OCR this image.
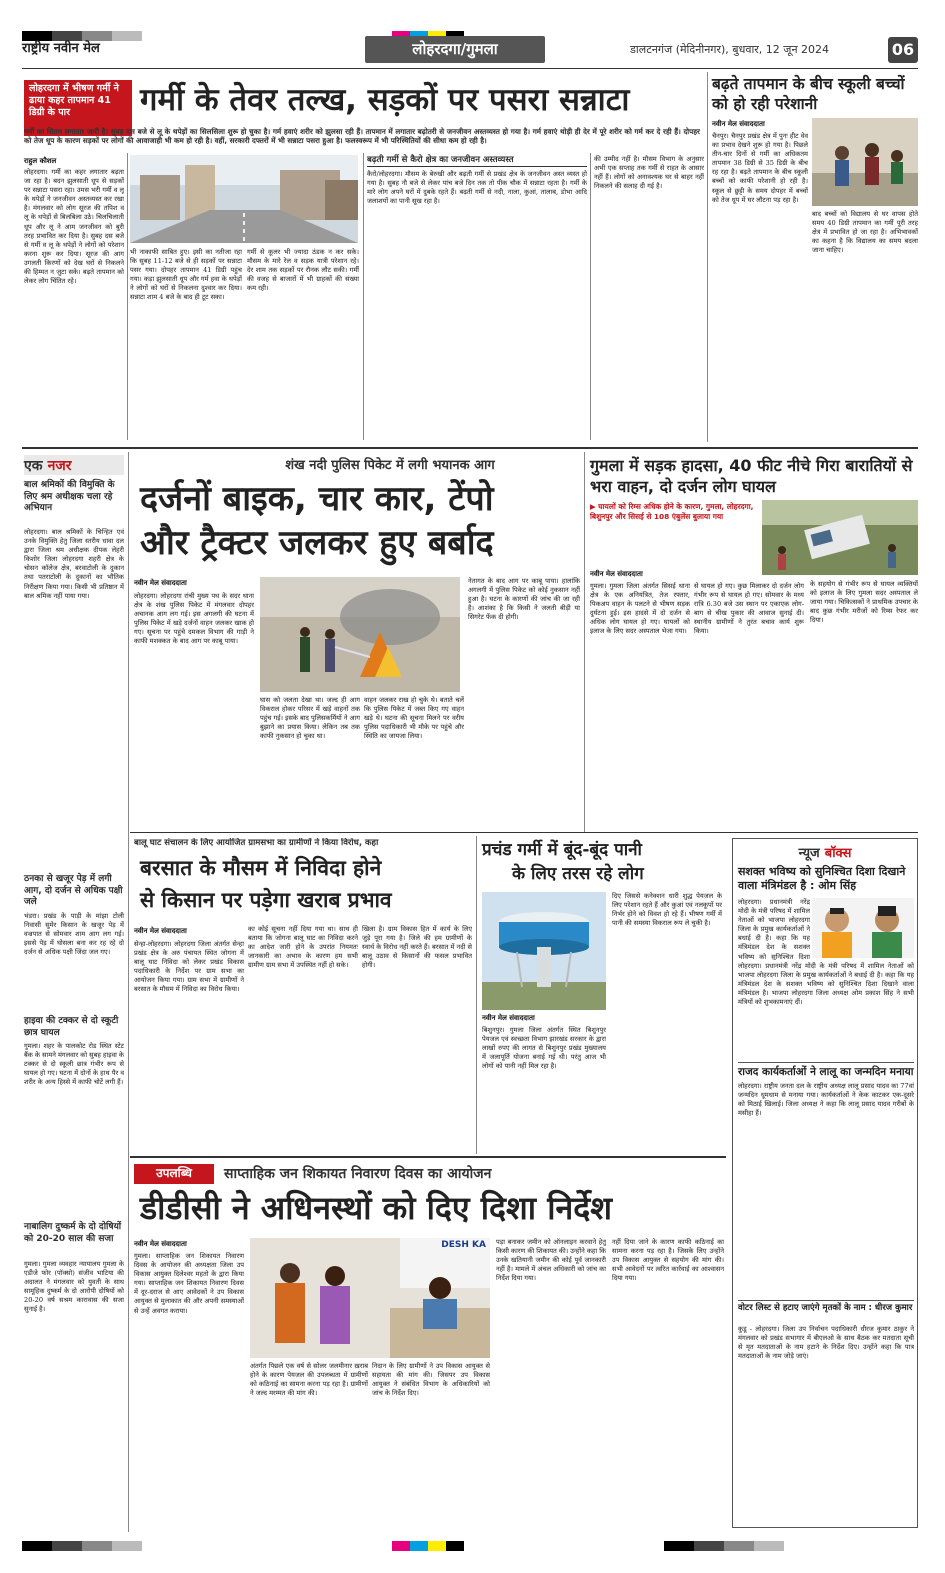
राष्ट्रीय नवीन मेल	लोहरदगा/गुमला	डालटनगंज (मेदिनीनगर), बुधवार, 12 जून 2024	06
लोहरदगा में भीषण गर्मी ने ढाया कहर तापमान 41 डिग्री के पार	गर्मी के तेवर तल्ख, सड़कों पर पसरा सन्नाटा
गर्मी का सितम लगातार जारी है। सुबह दस बजे से लू के थपेड़ों का सिलसिला शुरू हो चुका है। गर्म हवाएं शरीर को झुलसा रही हैं। तापमान में लगातार बढ़ोतरी से जनजीवन अस्तव्यस्त हो गया है। गर्म हवाएं थोड़ी ही देर में पूरे शरीर को गर्म कर दे रही हैं। दोपहर को तेज धूप के कारण सड़कों पर लोगों की आवाजाही भी कम हो रही है। वहीं, सरकारी दफ्तरों में भी सन्नाटा पसरा हुआ है। फलस्वरूप में भी परिस्थितियों की सीधा कम हो रही है।
राहुल कौशल
लोहरदगा। गर्मी का कहर लगातार बढ़ता जा रहा है। बदन झुलसाती धूप से सड़कों पर सन्नाटा पसरा रहा। उमस भरी गर्मी व लू के थपेड़ों ने जनजीवन अस्तव्यस्त कर रखा है। मंगलवार को लोग सूरज की तपिश व लू के थपेड़ों से बिलबिला उठे। चिलचिलाती धूप और लू ने आम जनजीवन को बुरी तरह प्रभावित कर दिया है। सुबह दस बजे से गर्मी व लू के थपेड़ों ने लोगों को परेशान करना शुरू कर दिया। सूरज की आग उगलती किरणों को देख घरों से निकलने की हिम्मत न जुटा सके। बढ़ते तापमान को लेकर लोग चिंतित रहे।
भी नाकाफी साबित हुए। इसी का नतीजा रहा कि सुबह 11-12 बजे से ही सड़कों पर सन्नाटा पसर गया। दोपहर तापमान 41 डिग्री पहुंच गया। कड़ा झुलसाती धूप और गर्म हवा के थपेड़ों ने लोगों को घरों से निकलना दुश्वार कर दिया। सन्नाटा शाम 4 बजे के बाद ही टूट सका।
गर्मी से कूलर भी ज्यादा ठंडक न कर सके। मौसम के मारे रेल व सड़क यात्री परेशान रहे। देर शाम तक सड़कों पर रौनक लौट सकी। गर्मी की वजह से बाजारों में भी ग्राहकों की संख्या कम रही।
बढ़ती गर्मी से कैरो क्षेत्र का जनजीवन अस्तव्यस्त
कैरो/लोहरदगा। मौसम के बेरुखी और बढ़ती गर्मी से प्रखंड क्षेत्र के जनजीवन अस्त व्यस्त हो गया है। सुबह नौ बजे से लेकर पांच बजे दिन तक तो पीक चौक में सन्नाटा रहता है। गर्मी के मारे लोग अपने घरों में दुबके रहते हैं। बढ़ती गर्मी से नदी, नाला, कुआं, तालाब, डोभा आदि जलाशयों का पानी सूख रहा है।
की उम्मीद नहीं है। मौसम विभाग के अनुसार अभी एक सप्ताह तक गर्मी से राहत के आसार नहीं हैं। लोगों को अनावश्यक घर से बाहर नहीं निकलने की सलाह दी गई है।
बढ़ते तापमान के बीच स्कूली बच्चों को हो रही परेशानी
नवीन मेल संवाददाता
चैनपुर। चैनपुर प्रखंड क्षेत्र में पुनः हीट वेव का प्रभाव देखने शुरू हो गया है। पिछले तीन-चार दिनों से गर्मी का अधिकतम तापमान 38 डिग्री से 35 डिग्री के बीच रह रहा है। बढ़ते तापमान के बीच स्कूली बच्चों को काफी परेशानी हो रही है। स्कूल से छुट्टी के समय दोपहर में बच्चों को तेज धूप में घर लौटना पड़ रहा है।
बाद बच्चों को विद्यालय से घर वापस होते समय 40 डिग्री तापमान का गर्मी पूरी तरह क्षेत्र में प्रभावित हो जा रहा है। अभिभावकों का कहना है कि विद्यालय का समय बदला जाना चाहिए।
एक नजर
बाल श्रमिकों की विमुक्ति के लिए श्रम अधीक्षक चला रहे अभियान
लोहरदगा। बाल श्रमिकों के चिन्हित एवं उनके विमुक्ति हेतु जिला स्तरीय धावा दल द्वारा जिला श्रम अधीक्षक दीपक लेहरी किशोर जिला लोहरदगा शहरी क्षेत्र के चोसन कॉलेज क्षेत्र, बरवाटोली के दुकान तथा पतराटोली के दुकानों का भौतिक निरीक्षण किया गया। किसी भी प्रतिष्ठान में बाल श्रमिक नहीं पाया गया।
ठनका से खजूर पेड़ में लगी आग, दो दर्जन से अधिक पक्षी जले
भंडरा। प्रखंड के पाड़ी के मांझा टोली निवासी सुमेर किसान के खजूर पेड़ में वज्रपात से सोमवार शाम आग लग गई। इससे पेड़ में घोसला बना कर रह रहे दो दर्जन से अधिक पक्षी जिंदा जल गए।
हाइवा की टक्कर से दो स्कूटी छात्र घायल
गुमला। शहर के पालकोट रोड स्थित स्टेट बैंक के सामने मंगलवार को सुबह हाइवा के टक्कर से दो स्कूली छात्र गंभीर रूप से घायल हो गए। घटना में दोनों के हाथ पैर व शरीर के अन्य हिस्से में काफी चोटें लगी हैं।
नाबालिग दुष्कर्म के दो दोषियों को 20-20 साल की सजा
गुमला। गुमला व्यवहार न्यायालय गुमला के एडीजे फोर (पॉक्सो) संजीव भाटिया की अदालत ने मंगलवार को युवती के साथ सामूहिक दुष्कर्म के दो आरोपी दोषियों को 20-20 वर्ष सश्रम कारावास की सजा सुनाई है।
शंख नदी पुलिस पिकेट में लगी भयानक आग
दर्जनों बाइक, चार कार, टेंपो
और ट्रैक्टर जलकर हुए बर्बाद
नवीन मेल संवाददाता
लोहरदगा। लोहरदगा रांची मुख्य पथ के सदर थाना क्षेत्र के शंख पुलिस पिकेट में मंगलवार दोपहर अचानक आग लग गई। इस अगलगी की घटना में पुलिस पिकेट में खड़े दर्जनों वाहन जलकर खाक हो गए। सूचना पर पहुंचे दमकल विभाग की गाड़ी ने काफी मशक्कत के बाद आग पर काबू पाया।
घास को जलता देखा था। जल्द ही आग विकराल होकर परिसर में खड़े वाहनों तक पहुंच गई। इसके बाद पुलिसकर्मियों ने आग बुझाने का प्रयास किया। लेकिन तब तक काफी नुकसान हो चुका था।
वाहन जलकर राख हो चुके थे। बताते चलें कि पुलिस पिकेट में जब्त किए गए वाहन खड़े थे। घटना की सूचना मिलने पर वरीय पुलिस पदाधिकारी भी मौके पर पहुंचे और स्थिति का जायजा लिया।
नेतागत के बाद आग पर काबू पाया। हालांकि अगलगी में पुलिस पिकेट को कोई नुकसान नहीं हुआ है। घटना के कारणों की जांच की जा रही है। आशंका है कि किसी ने जलती बीड़ी या सिगरेट फेंक दी होगी।
गुमला में सड़क हादसा, 40 फीट नीचे गिरा बारातियों से भरा वाहन, दो दर्जन लोग घायल
▶ घायलों को रिम्स अधिक होने के कारण, गुमला, लोहरदगा, बिशुनपुर और सिसई से 108 एंबुलेंस बुलाया गया
नवीन मेल संवाददाता
गुमला। गुमला जिला अंतर्गत सिसई थाना क्षेत्र के एक अनियंत्रित, तेज रफ्तार, पिकअप वाहन के पलटने से भीषण सड़क दुर्घटना हुई। इस हादसे में दो दर्जन से अधिक लोग घायल हो गए। घायलों को इलाज के लिए सदर अस्पताल भेजा गया।
से घायल हो गए। कुछ मिलाकर दो दर्जन लोग गंभीर रूप से घायल हो गए। सोमवार के मध्य रात्रि 6.30 बजे उस स्थान पर एकाएक लोग-बाग से चीख पुकार की आवाज सुनाई दी। स्थानीय ग्रामीणों ने तुरंत बचाव कार्य शुरू किया।
के सहयोग से गंभीर रूप से घायल व्यक्तियों को इलाज के लिए गुमला सदर अस्पताल ले जाया गया। चिकित्सकों ने प्राथमिक उपचार के बाद कुछ गंभीर मरीजों को रिम्स रेफर कर दिया।
बालू घाट संचालन के लिए आयोजित ग्रामसभा का ग्रामीणों ने किया विरोध, कहा
बरसात के मौसम में निविदा होने
से किसान पर पड़ेगा खराब प्रभाव
नवीन मेल संवाददाता
सेन्हा-लोहरदगा। लोहरदगा जिला अंतर्गत सेन्हा प्रखंड क्षेत्र के अरु पंचायत स्थित जोगना में बालू घाट निविदा को लेकर प्रखंड विकास पदाधिकारी के निर्देश पर ग्राम सभा का आयोजन किया गया। ग्राम सभा में ग्रामीणों ने बरसात के मौसम में निविदा का विरोध किया।
का कोई सूचना नहीं दिया गया था। साथ ही बताया कि जोगना बालू घाट का निविदा करने का आदेश जारी होने के उपरांत नियमतः जानकारी का अभाव के कारण हम सभी ग्रामीण ग्राम सभा में उपस्थित नहीं हो सके।
खिला है। ग्राम विकास हित में कार्य के लिए जुड़े पूरा गया है। जिले की हम ग्रामीणों के स्वार्थ के विरोध नहीं करते हैं। बरसात में नदी से बालू उठाव से किसानों की फसल प्रभावित होगी।
प्रचंड गर्मी में बूंद-बूंद पानी
के लिए तरस रहे लोग
नवीन मेल संवाददाता
बिशुनपुर। गुमला जिला अंतर्गत स्थित बिशुनपुर पेयजल एवं स्वच्छता विभाग झारखंड सरकार के द्वारा लाखों रुपए की लागत से बिशुनपुर प्रखंड मुख्यालय में जलापूर्ति योजना बनाई गई थी। परंतु आज भी लोगों को पानी नहीं मिल रहा है।
दिए जिससे कनेक्शन धारी शुद्ध पेयजल के लिए परेशान रहते हैं और कुआं एवं नलकूपों पर निर्भर होने को विवश हो रहे हैं। भीषण गर्मी में पानी की समस्या विकराल रूप ले चुकी है।
न्यूज बॉक्स
सशक्त भविष्य को सुनिश्चित दिशा दिखाने वाला मंत्रिमंडल है : ओम सिंह
लोहरदगा। प्रधानमंत्री नरेंद्र मोदी के मंत्री परिषद में शामिल नेताओं को भाजपा लोहरदगा जिला के प्रमुख कार्यकर्ताओं ने बधाई दी है। कहा कि यह मंत्रिमंडल देश के सशक्त भविष्य को सुनिश्चित दिशा
लोहरदगा। प्रधानमंत्री नरेंद्र मोदी के मंत्री परिषद में शामिल नेताओं को भाजपा लोहरदगा जिला के प्रमुख कार्यकर्ताओं ने बधाई दी है। कहा कि यह मंत्रिमंडल देश के सशक्त भविष्य को सुनिश्चित दिशा दिखाने वाला मंत्रिमंडल है। भाजपा लोहरदगा जिला अध्यक्ष ओम प्रकाश सिंह ने सभी मंत्रियों को शुभकामनाएं दीं।
राजद कार्यकर्ताओं ने लालू का जन्मदिन मनाया
लोहरदगा। राष्ट्रीय जनता दल के राष्ट्रीय अध्यक्ष लालू प्रसाद यादव का 77वां जन्मदिन धूमधाम से मनाया गया। कार्यकर्ताओं ने केक काटकर एक-दूसरे को मिठाई खिलाई। जिला अध्यक्ष ने कहा कि लालू प्रसाद यादव गरीबों के मसीहा हैं।
वोटर लिस्ट से हटाए जाएंगे मृतकों के नाम : धीरज कुमार
कुडू - लोहरदगा। जिला उप निर्वाचन पदाधिकारी धीरज कुमार ठाकुर ने मंगलवार को प्रखंड सभागार में बीएलओ के साथ बैठक कर मतदाता सूची से मृत मतदाताओं के नाम हटाने के निर्देश दिए। उन्होंने कहा कि पात्र मतदाताओं के नाम जोड़े जाएं।
उपलब्धि	साप्ताहिक जन शिकायत निवारण दिवस का आयोजन
डीडीसी ने अधिनस्थों को दिए दिशा निर्देश
नवीन मेल संवाददाता
गुमला। साप्ताहिक जन शिकायत निवारण दिवस के आयोजन की अध्यक्षता जिला उप विकास आयुक्त दिलेश्वर महतो के द्वारा किया गया। साप्ताहिक जन शिकायत निवारण दिवस में दूर-दराज से आए आवेदकों ने उप विकास आयुक्त से मुलाकात की और अपनी समस्याओं से उन्हें अवगत कराया।
DESH KA
अंतर्गत पिछले एक वर्ष से सोलर जलमीनार ख़राब होने के कारण पेयजल की उपलब्धता में ग्रामीणों को कठिनाई का सामना करना पड़ रहा है। ग्रामीणों ने जल्द मरम्मत की मांग की।
निदान के लिए ग्रामीणों ने उप विकास आयुक्त से सहायता की मांग की। जिसपर उप विकास आयुक्त ने संबंधित विभाग के अधिकारियों को जांच के निर्देश दिए।
पड़ा बनाकर जमीन को ऑनलाइन करवाने हेतु किसी कारण की शिकायत की। उन्होंने कहा कि उनके खतियानी जमीन की कोई पूर्व जानकारी नहीं है। मामले में अंचल अधिकारी को जांच का निर्देश दिया गया।
नहीं दिया जाने के कारण काफी कठिनाई का सामना करना पड़ रहा है। जिसके लिए उन्होंने उप विकास आयुक्त से सहयोग की मांग की। सभी आवेदनों पर त्वरित कार्रवाई का आश्वासन दिया गया।
